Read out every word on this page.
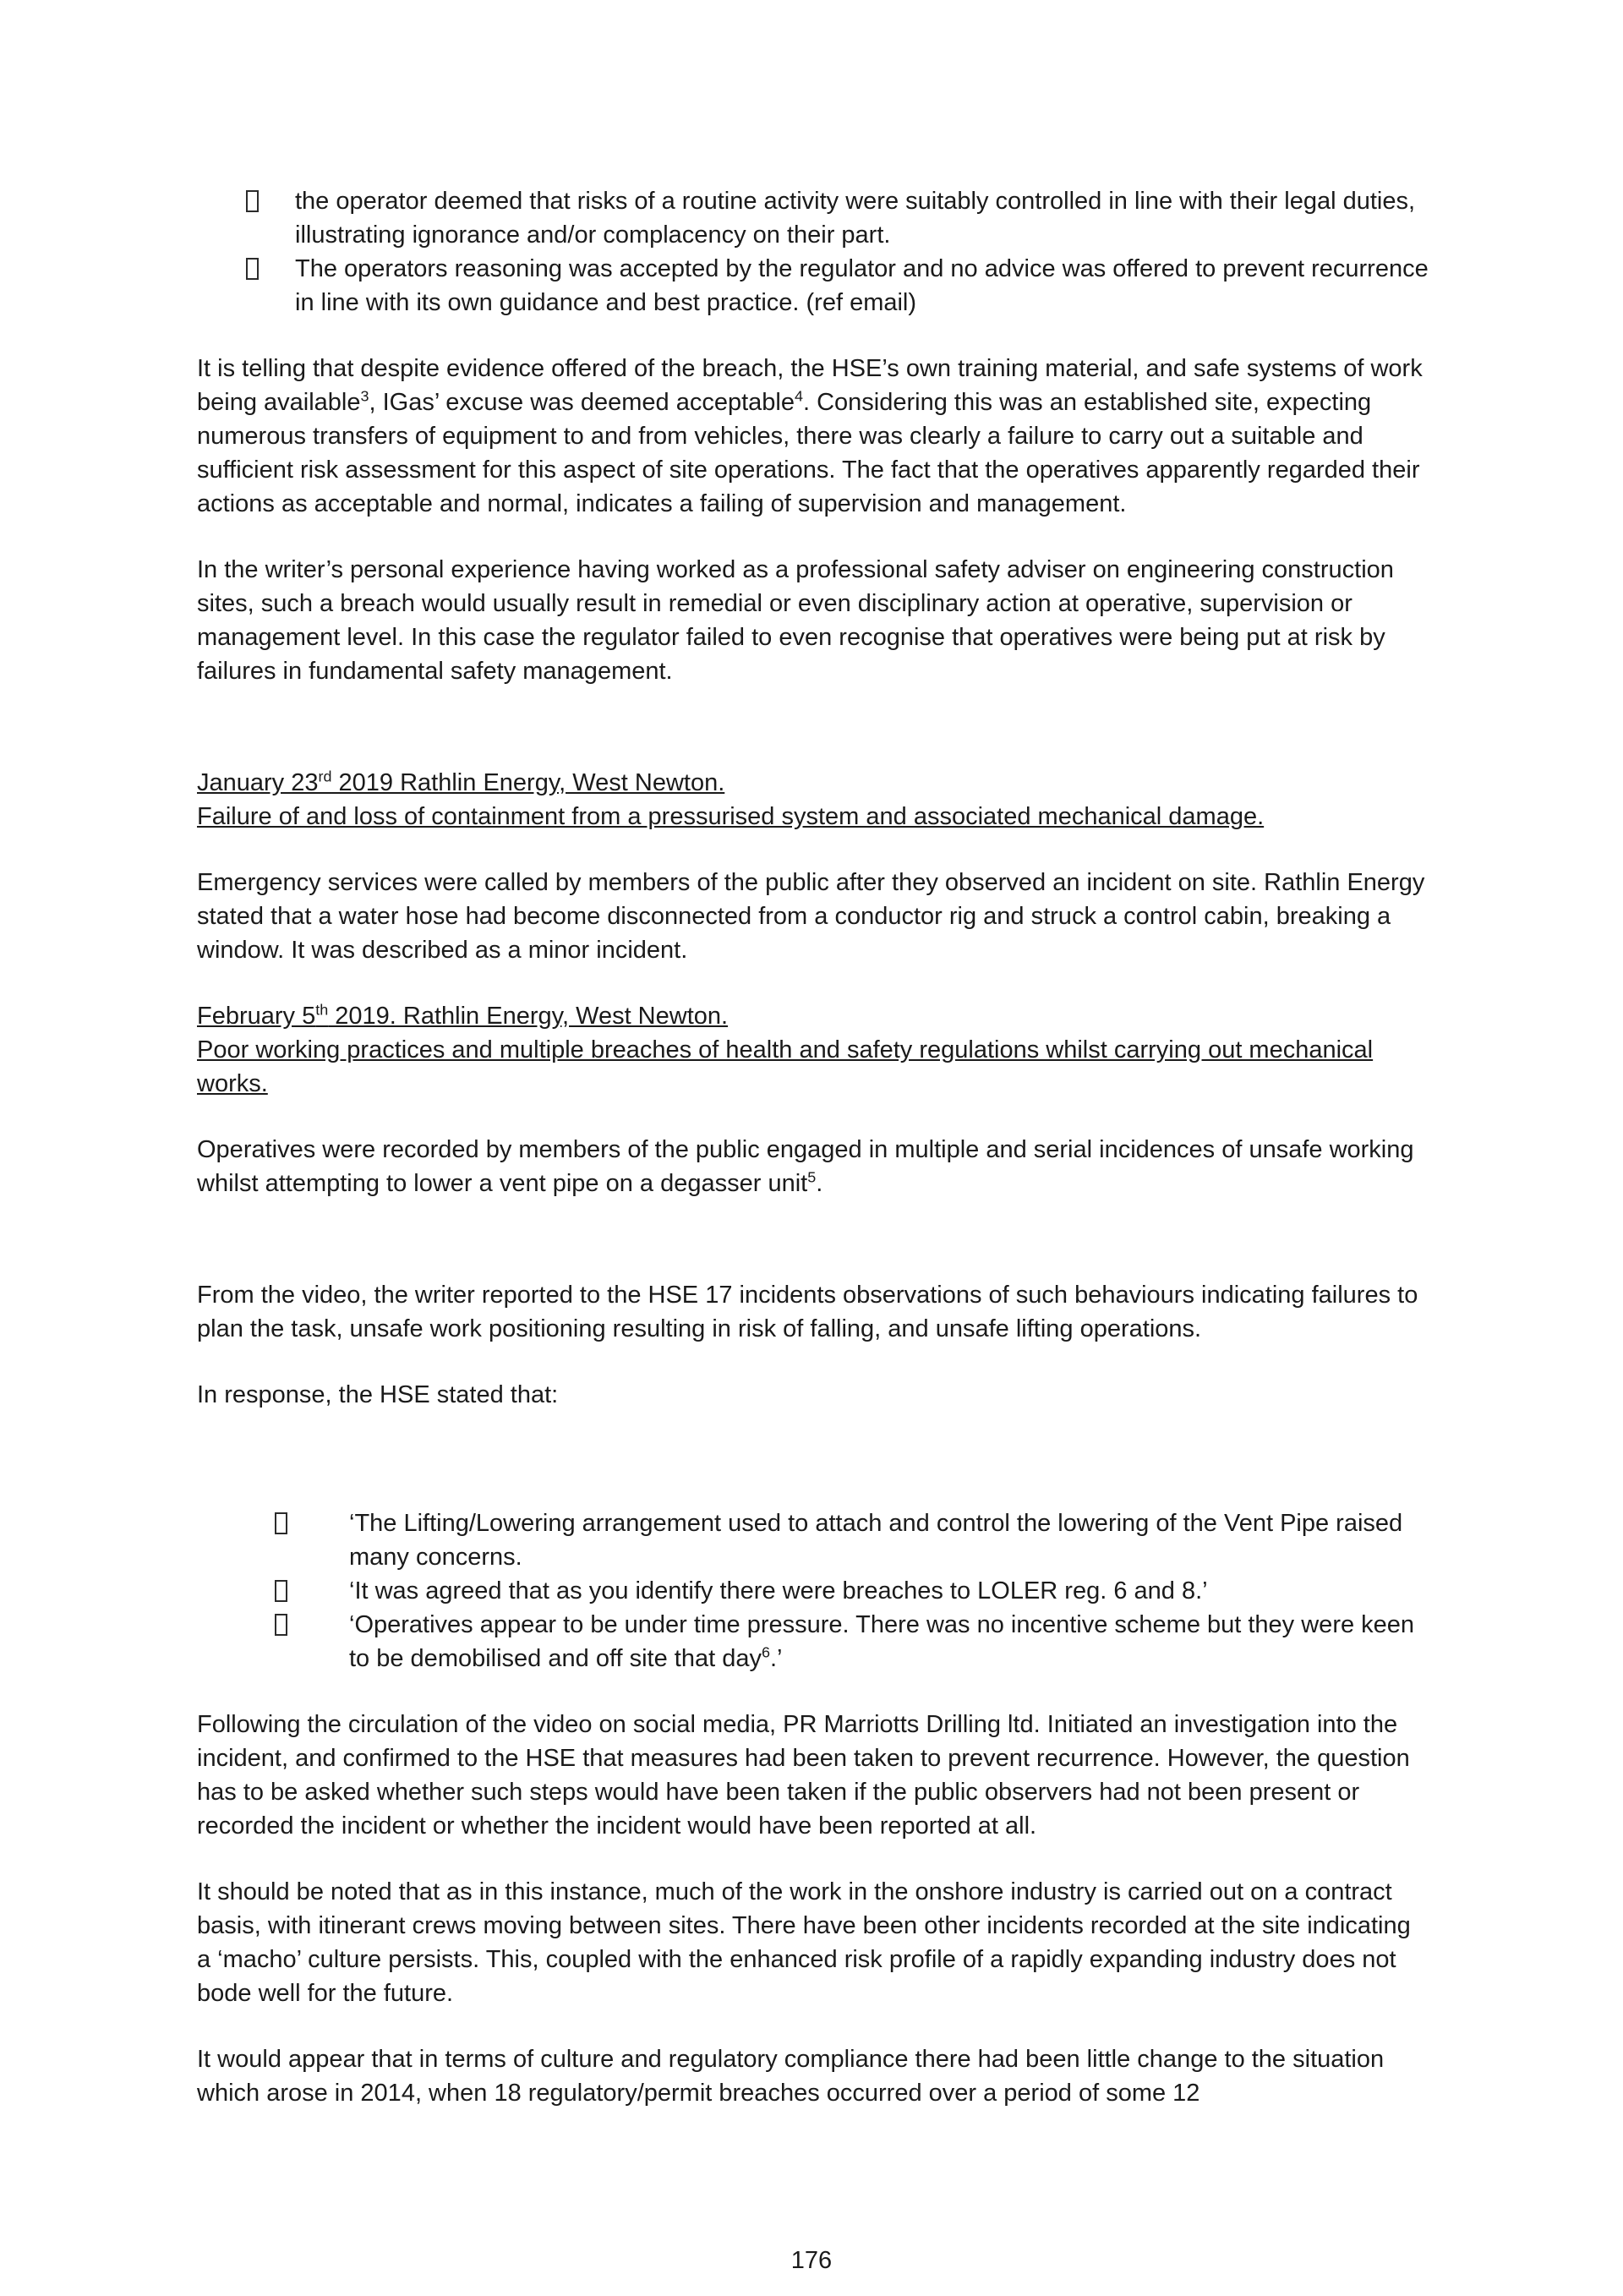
the operator deemed that risks of a routine activity were suitably controlled in line with their legal duties, illustrating ignorance and/or complacency on their part.
The operators reasoning was accepted by the regulator and no advice was offered to prevent recurrence in line with its own guidance and best practice. (ref email)

It is telling that despite evidence offered of the breach, the HSE’s own training material, and safe systems of work being available$^3$, IGas’ excuse was deemed acceptable$^4$. Considering this was an established site, expecting numerous transfers of equipment to and from vehicles, there was clearly a failure to carry out a suitable and sufficient risk assessment for this aspect of site operations. The fact that the operatives apparently regarded their actions as acceptable and normal, indicates a failing of supervision and management.

In the writer’s personal experience having worked as a professional safety adviser on engineering construction sites, such a breach would usually result in remedial or even disciplinary action at operative, supervision or management level. In this case the regulator failed to even recognise that operatives were being put at risk by failures in fundamental safety management.

January 23rd 2019 Rathlin Energy, West Newton.
Failure of and loss of containment from a pressurised system and associated mechanical damage.

Emergency services were called by members of the public after they observed an incident on site. Rathlin Energy stated that a water hose had become disconnected from a conductor rig and struck a control cabin, breaking a window. It was described as a minor incident.

February 5th 2019. Rathlin Energy, West Newton.
Poor working practices and multiple breaches of health and safety regulations whilst carrying out mechanical works.

Operatives were recorded by members of the public engaged in multiple and serial incidences of unsafe working whilst attempting to lower a vent pipe on a degasser unit$^5$.

From the video, the writer reported to the HSE 17 incidents observations of such behaviours indicating failures to plan the task, unsafe work positioning resulting in risk of falling, and unsafe lifting operations.

In response, the HSE stated that:

‘The Lifting/Lowering arrangement used to attach and control the lowering of the Vent Pipe raised many concerns.
‘It was agreed that as you identify there were breaches to LOLER reg. 6 and 8.’
‘Operatives appear to be under time pressure. There was no incentive scheme but they were keen to be demobilised and off site that day$^6$.’

Following the circulation of the video on social media, PR Marriotts Drilling ltd. Initiated an investigation into the incident, and confirmed to the HSE that measures had been taken to prevent recurrence. However, the question has to be asked whether such steps would have been taken if the public observers had not been present or recorded the incident or whether the incident would have been reported at all.

It should be noted that as in this instance, much of the work in the onshore industry is carried out on a contract basis, with itinerant crews moving between sites. There have been other incidents recorded at the site indicating a ‘macho’ culture persists. This, coupled with the enhanced risk profile of a rapidly expanding industry does not bode well for the future.

It would appear that in terms of culture and regulatory compliance there had been little change to the situation which arose in 2014, when 18 regulatory/permit breaches occurred over a period of some 12

176
